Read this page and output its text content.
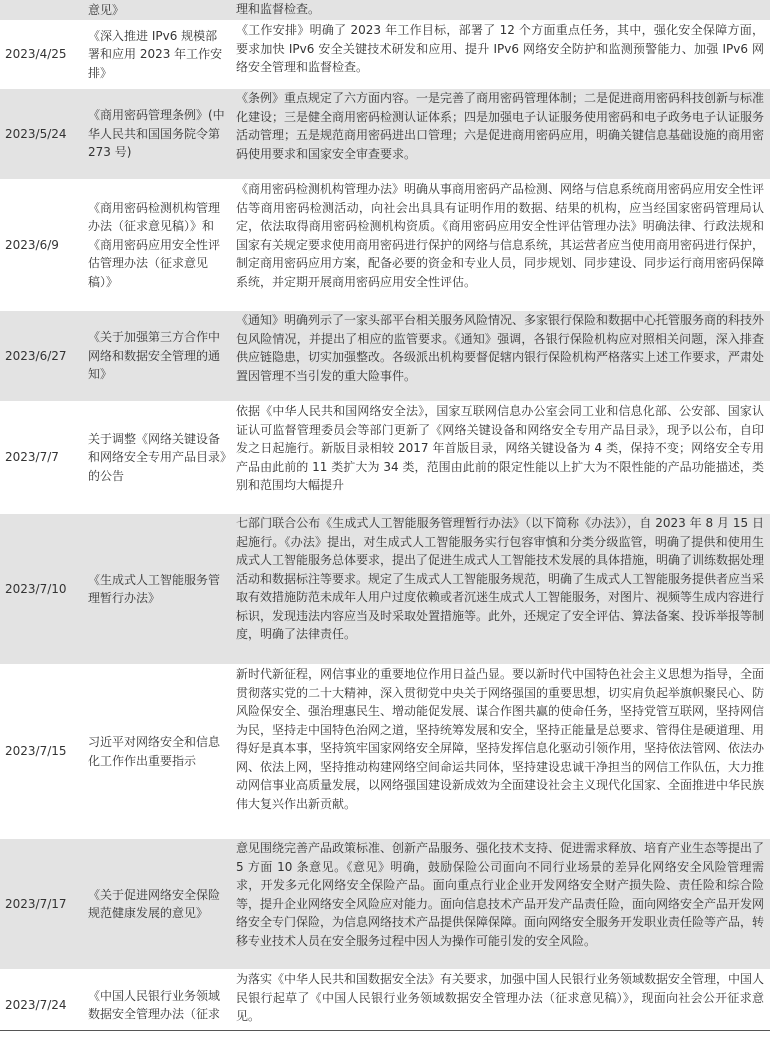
	意见》	理和监督检查。
2023/4/25	《深入推进 IPv6 规模部署和应用 2023 年工作安排》	《工作安排》明确了 2023 年工作目标，部署了 12 个方面重点任务，其中，强化安全保障方面，要求加快 IPv6 安全关键技术研发和应用、提升 IPv6 网络安全防护和监测预警能力、加强 IPv6 网络安全管理和监督检查。
2023/5/24	《商用密码管理条例》(中华人民共和国国务院令第 273 号)	《条例》重点规定了六方面内容。一是完善了商用密码管理体制；二是促进商用密码科技创新与标准化建设；三是健全商用密码检测认证体系；四是加强电子认证服务使用密码和电子政务电子认证服务活动管理；五是规范商用密码进出口管理；六是促进商用密码应用，明确关键信息基础设施的商用密码使用要求和国家安全审查要求。
2023/6/9	《商用密码检测机构管理办法（征求意见稿）》和《商用密码应用安全性评估管理办法（征求意见稿）》	《商用密码检测机构管理办法》明确从事商用密码产品检测、网络与信息系统商用密码应用安全性评估等商用密码检测活动，向社会出具具有证明作用的数据、结果的机构，应当经国家密码管理局认定，依法取得商用密码检测机构资质。《商用密码应用安全性评估管理办法》明确法律、行政法规和国家有关规定要求使用商用密码进行保护的网络与信息系统，其运营者应当使用商用密码进行保护，制定商用密码应用方案，配备必要的资金和专业人员，同步规划、同步建设、同步运行商用密码保障系统，并定期开展商用密码应用安全性评估。
2023/6/27	《关于加强第三方合作中网络和数据安全管理的通知》	《通知》明确列示了一家头部平台相关服务风险情况、多家银行保险和数据中心托管服务商的科技外包风险情况，并提出了相应的监管要求。《通知》强调，各银行保险机构应对照相关问题，深入排查供应链隐患，切实加强整改。各级派出机构要督促辖内银行保险机构严格落实上述工作要求，严肃处置因管理不当引发的重大险事件。
2023/7/7	关于调整《网络关键设备和网络安全专用产品目录》的公告	依据《中华人民共和国网络安全法》，国家互联网信息办公室会同工业和信息化部、公安部、国家认证认可监督管理委员会等部门更新了《网络关键设备和网络安全专用产品目录》，现予以公布，自印发之日起施行。新版目录相较 2017 年首版目录，网络关键设备为 4 类，保持不变；网络安全专用产品由此前的 11 类扩大为 34 类，范围由此前的限定性能以上扩大为不限性能的产品功能描述，类别和范围均大幅提升
2023/7/10	《生成式人工智能服务管理暂行办法》	七部门联合公布《生成式人工智能服务管理暂行办法》（以下简称《办法》），自 2023 年 8 月 15 日起施行。《办法》提出，对生成式人工智能服务实行包容审慎和分类分级监管，明确了提供和使用生成式人工智能服务总体要求，提出了促进生成式人工智能技术发展的具体措施，明确了训练数据处理活动和数据标注等要求。规定了生成式人工智能服务规范，明确了生成式人工智能服务提供者应当采取有效措施防范未成年人用户过度依赖或者沉迷生成式人工智能服务，对图片、视频等生成内容进行标识，发现违法内容应当及时采取处置措施等。此外，还规定了安全评估、算法备案、投诉举报等制度，明确了法律责任。
2023/7/15	习近平对网络安全和信息化工作作出重要指示	新时代新征程，网信事业的重要地位作用日益凸显。要以新时代中国特色社会主义思想为指导，全面贯彻落实党的二十大精神，深入贯彻党中央关于网络强国的重要思想，切实肩负起举旗帜聚民心、防风险保安全、强治理惠民生、增动能促发展、谋合作图共赢的使命任务，坚持党管互联网，坚持网信为民，坚持走中国特色治网之道，坚持统筹发展和安全，坚持正能量是总要求、管得住是硬道理、用得好是真本事，坚持筑牢国家网络安全屏障，坚持发挥信息化驱动引领作用，坚持依法管网、依法办网、依法上网，坚持推动构建网络空间命运共同体，坚持建设忠诚干净担当的网信工作队伍，大力推动网信事业高质量发展，以网络强国建设新成效为全面建设社会主义现代化国家、全面推进中华民族伟大复兴作出新贡献。
2023/7/17	《关于促进网络安全保险规范健康发展的意见》	意见围绕完善产品政策标准、创新产品服务、强化技术支持、促进需求释放、培育产业生态等提出了 5 方面 10 条意见。《意见》明确，鼓励保险公司面向不同行业场景的差异化网络安全风险管理需求，开发多元化网络安全保险产品。面向重点行业企业开发网络安全财产损失险、责任险和综合险等，提升企业网络安全风险应对能力。面向信息技术产品开发产品责任险，面向网络安全产品开发网络安全专门保险，为信息网络技术产品提供保障保障。面向网络安全服务开发职业责任险等产品，转移专业技术人员在安全服务过程中因人为操作可能引发的安全风险。
2023/7/24	《中国人民银行业务领域数据安全管理办法（征求	为落实《中华人民共和国数据安全法》有关要求，加强中国人民银行业务领域数据安全管理，中国人民银行起草了《中国人民银行业务领域数据安全管理办法（征求意见稿）》，现面向社会公开征求意见。
